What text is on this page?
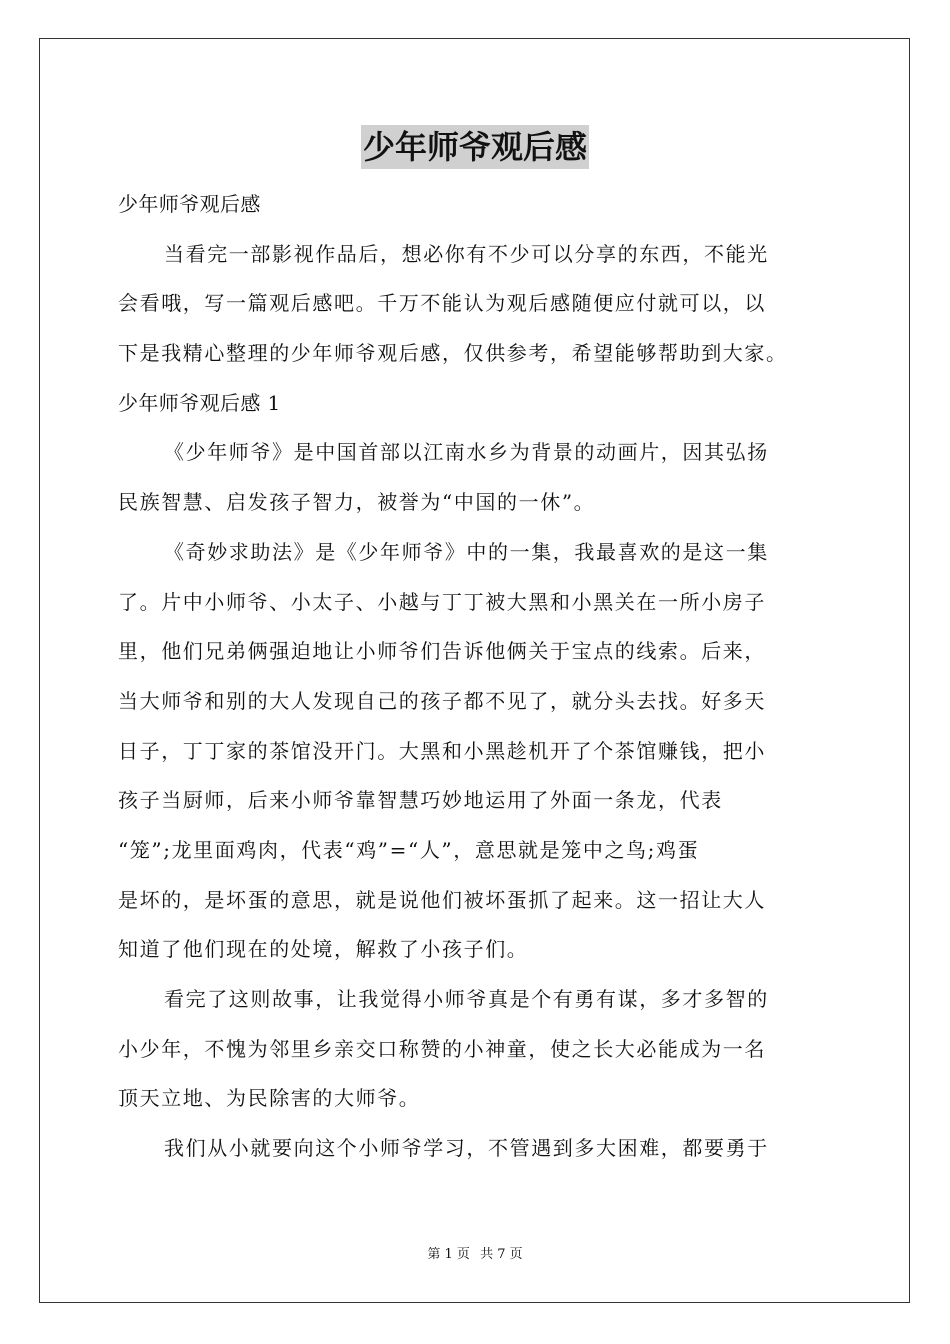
少年师爷观后感
少年师爷观后感
当看完一部影视作品后，想必你有不少可以分享的东西，不能光
会看哦，写一篇观后感吧。千万不能认为观后感随便应付就可以，以
下是我精心整理的少年师爷观后感，仅供参考，希望能够帮助到大家。
少年师爷观后感 1
《少年师爷》是中国首部以江南水乡为背景的动画片，因其弘扬
民族智慧、启发孩子智力，被誉为“中国的一休”。
《奇妙求助法》是《少年师爷》中的一集，我最喜欢的是这一集
了。片中小师爷、小太子、小越与丁丁被大黑和小黑关在一所小房子
里，他们兄弟俩强迫地让小师爷们告诉他俩关于宝点的线索。后来，
当大师爷和别的大人发现自己的孩子都不见了，就分头去找。好多天
日子，丁丁家的茶馆没开门。大黑和小黑趁机开了个茶馆赚钱，把小
孩子当厨师，后来小师爷靠智慧巧妙地运用了外面一条龙，代表
“笼”;龙里面鸡肉，代表“鸡”=“人”，意思就是笼中之鸟;鸡蛋
是坏的，是坏蛋的意思，就是说他们被坏蛋抓了起来。这一招让大人
知道了他们现在的处境，解救了小孩子们。
看完了这则故事，让我觉得小师爷真是个有勇有谋，多才多智的
小少年，不愧为邻里乡亲交口称赞的小神童，使之长大必能成为一名
顶天立地、为民除害的大师爷。
我们从小就要向这个小师爷学习，不管遇到多大困难，都要勇于
第 1 页 共 7 页
